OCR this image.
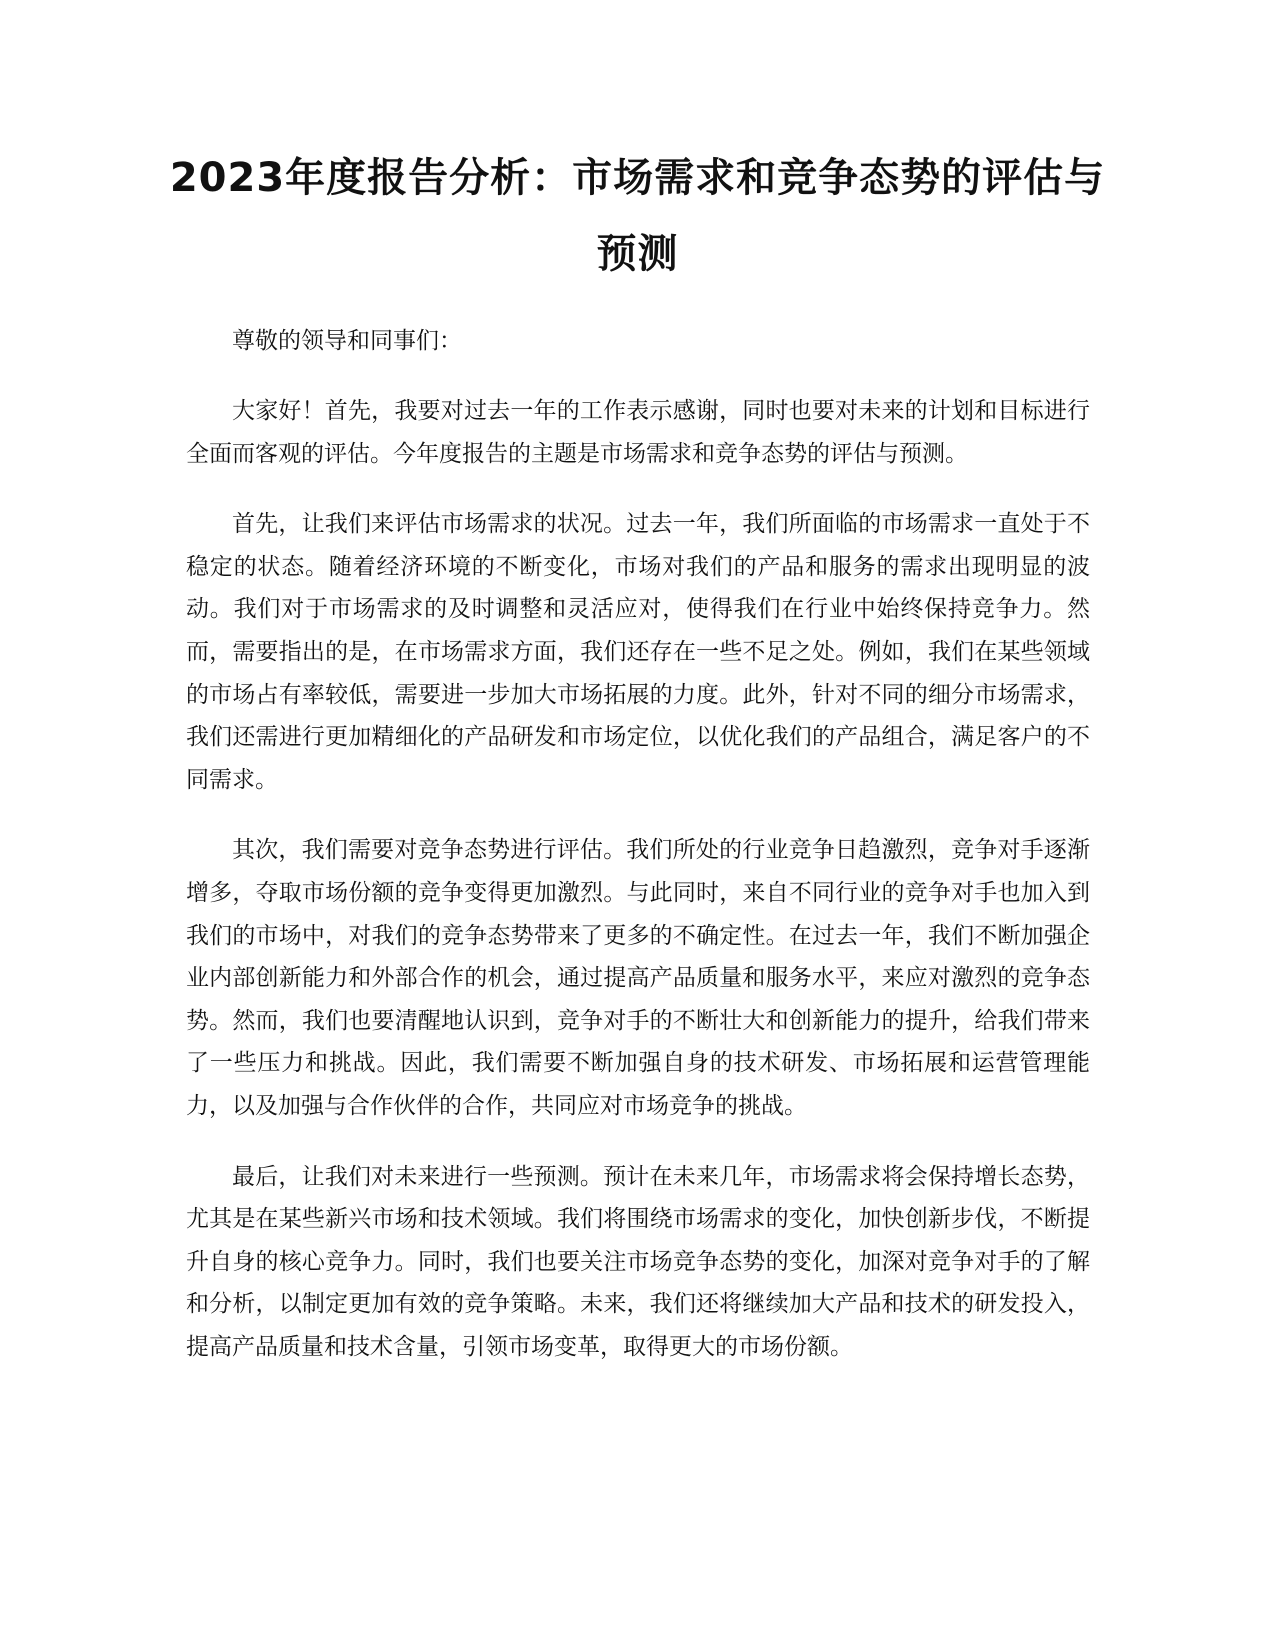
2023年度报告分析：市场需求和竞争态势的评估与预测

尊敬的领导和同事们：

大家好！首先，我要对过去一年的工作表示感谢，同时也要对未来的计划和目标进行全面而客观的评估。今年度报告的主题是市场需求和竞争态势的评估与预测。

首先，让我们来评估市场需求的状况。过去一年，我们所面临的市场需求一直处于不稳定的状态。随着经济环境的不断变化，市场对我们的产品和服务的需求出现明显的波动。我们对于市场需求的及时调整和灵活应对，使得我们在行业中始终保持竞争力。然而，需要指出的是，在市场需求方面，我们还存在一些不足之处。例如，我们在某些领域的市场占有率较低，需要进一步加大市场拓展的力度。此外，针对不同的细分市场需求，我们还需进行更加精细化的产品研发和市场定位，以优化我们的产品组合，满足客户的不同需求。

其次，我们需要对竞争态势进行评估。我们所处的行业竞争日趋激烈，竞争对手逐渐增多，夺取市场份额的竞争变得更加激烈。与此同时，来自不同行业的竞争对手也加入到我们的市场中，对我们的竞争态势带来了更多的不确定性。在过去一年，我们不断加强企业内部创新能力和外部合作的机会，通过提高产品质量和服务水平，来应对激烈的竞争态势。然而，我们也要清醒地认识到，竞争对手的不断壮大和创新能力的提升，给我们带来了一些压力和挑战。因此，我们需要不断加强自身的技术研发、市场拓展和运营管理能力，以及加强与合作伙伴的合作，共同应对市场竞争的挑战。

最后，让我们对未来进行一些预测。预计在未来几年，市场需求将会保持增长态势，尤其是在某些新兴市场和技术领域。我们将围绕市场需求的变化，加快创新步伐，不断提升自身的核心竞争力。同时，我们也要关注市场竞争态势的变化，加深对竞争对手的了解和分析，以制定更加有效的竞争策略。未来，我们还将继续加大产品和技术的研发投入，提高产品质量和技术含量，引领市场变革，取得更大的市场份额。
